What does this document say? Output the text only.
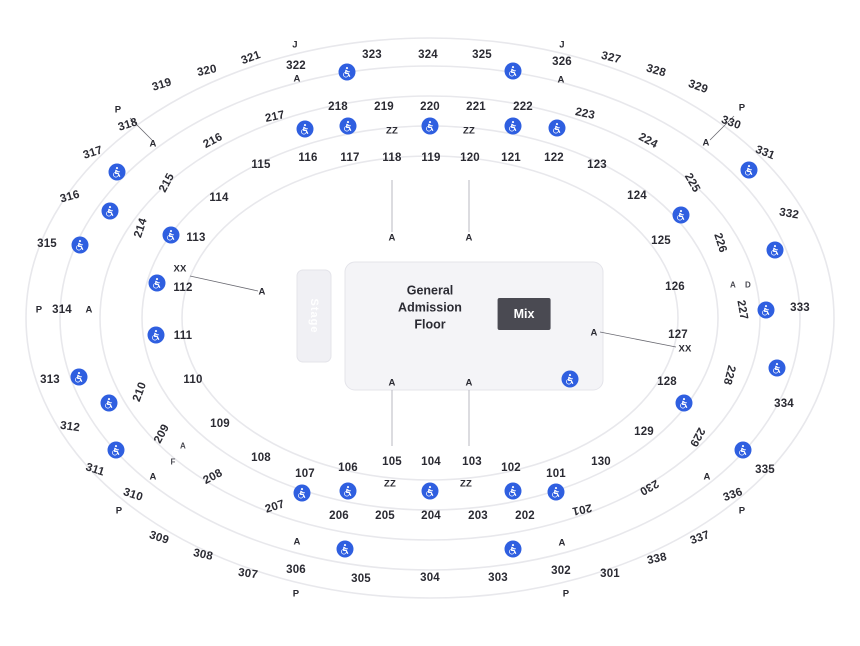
Stage
General
Admission
Floor
Mix
319
320
321 322
323	324	325
326 327
328
329
330
331
332
333
334
335
336
337
338
301
302
303
304
305
306
307
308
309
310
311
312
313
314
315
316
317
318	217
218 219 220 221 222	223
224
225
226
227
228
229
230
201
202
203
204
205
206
207
208
209
210
214
215
216
115
116 117 118 119 120 121 122
123
124
125
126
127
128
129
130
101
102
103
104
105
106
107
108
109
110
111
112
113
114
J
A
J
A
P
A
P
A
P	A
A D
XX
A
A
XX
ZZ	ZZ
A	A
A	A
ZZ	ZZ
A
P
A
P
A
F
A
P
A
P
